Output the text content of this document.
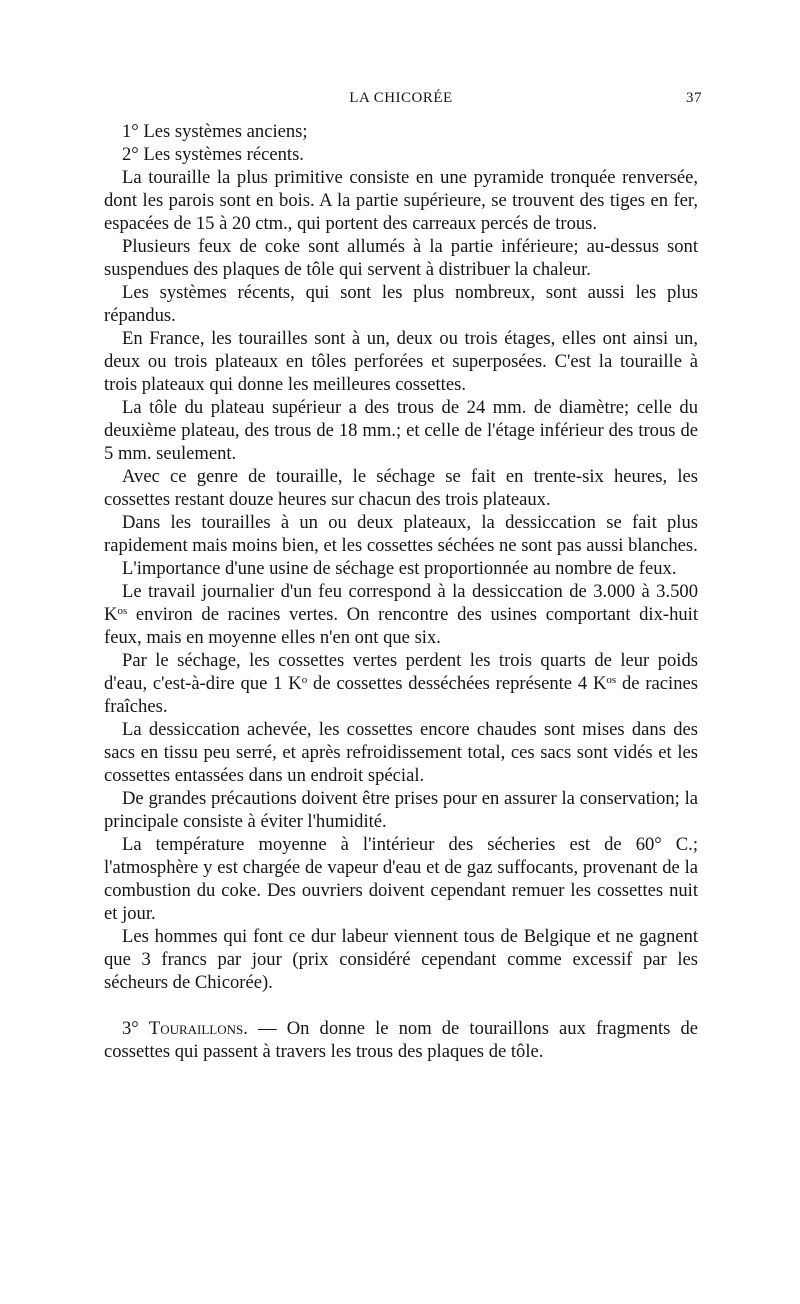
LA CHICORÉE	37

1° Les systèmes anciens;

2° Les systèmes récents.

La touraille la plus primitive consiste en une pyramide tronquée renversée, dont les parois sont en bois. A la partie supérieure, se trouvent des tiges en fer, espacées de 15 à 20 ctm., qui portent des carreaux percés de trous.

Plusieurs feux de coke sont allumés à la partie inférieure; au-dessus sont suspendues des plaques de tôle qui servent à distribuer la chaleur.

Les systèmes récents, qui sont les plus nombreux, sont aussi les plus répandus.

En France, les tourailles sont à un, deux ou trois étages, elles ont ainsi un, deux ou trois plateaux en tôles perforées et superposées. C'est la touraille à trois plateaux qui donne les meilleures cossettes.

La tôle du plateau supérieur a des trous de 24 mm. de diamètre; celle du deuxième plateau, des trous de 18 mm.; et celle de l'étage inférieur des trous de 5 mm. seulement.

Avec ce genre de touraille, le séchage se fait en trente-six heures, les cossettes restant douze heures sur chacun des trois plateaux.

Dans les tourailles à un ou deux plateaux, la dessiccation se fait plus rapidement mais moins bien, et les cossettes séchées ne sont pas aussi blanches.

L'importance d'une usine de séchage est proportionnée au nombre de feux.

Le travail journalier d'un feu correspond à la dessiccation de 3.000 à 3.500 $K^{os}$ environ de racines vertes. On rencontre des usines comportant dix-huit feux, mais en moyenne elles n'en ont que six.

Par le séchage, les cossettes vertes perdent les trois quarts de leur poids d'eau, c'est-à-dire que 1 $K^o$ de cossettes desséchées représente 4 $K^{os}$ de racines fraîches.

La dessiccation achevée, les cossettes encore chaudes sont mises dans des sacs en tissu peu serré, et après refroidissement total, ces sacs sont vidés et les cossettes entassées dans un endroit spécial.

De grandes précautions doivent être prises pour en assurer la conservation; la principale consiste à éviter l'humidité.

La température moyenne à l'intérieur des sécheries est de 60° C.; l'atmosphère y est chargée de vapeur d'eau et de gaz suffocants, provenant de la combustion du coke. Des ouvriers doivent cependant remuer les cossettes nuit et jour.

Les hommes qui font ce dur labeur viennent tous de Belgique et ne gagnent que 3 francs par jour (prix considéré cependant comme excessif par les sécheurs de Chicorée).

3° Touraillons. — On donne le nom de touraillons aux fragments de cossettes qui passent à travers les trous des plaques de tôle.
